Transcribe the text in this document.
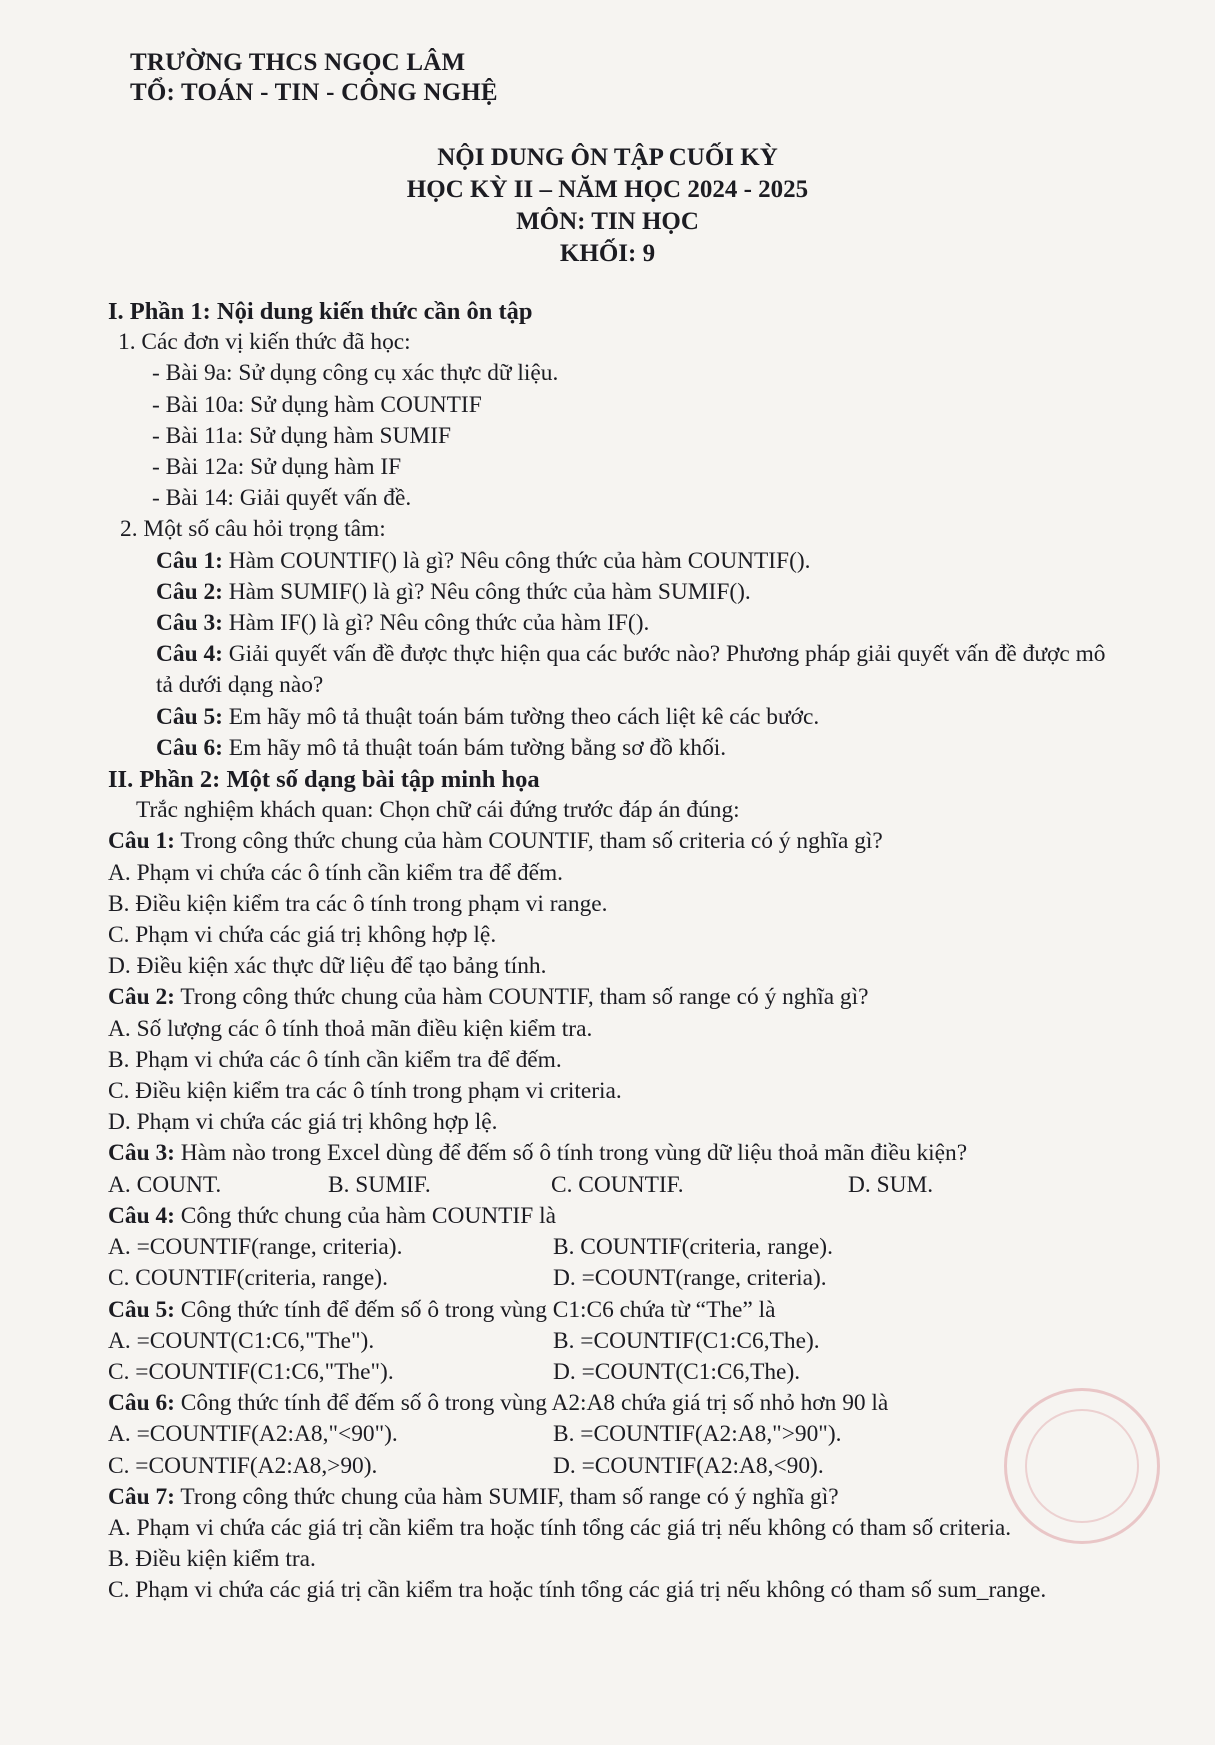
TRƯỜNG THCS NGỌC LÂM
TỔ: TOÁN - TIN - CÔNG NGHỆ
NỘI DUNG ÔN TẬP CUỐI KỲ
HỌC KỲ II – NĂM HỌC 2024 - 2025
MÔN: TIN HỌC
KHỐI: 9
I. Phần 1: Nội dung kiến thức cần ôn tập
1. Các đơn vị kiến thức đã học:
- Bài 9a: Sử dụng công cụ xác thực dữ liệu.
- Bài 10a: Sử dụng hàm COUNTIF
- Bài 11a: Sử dụng hàm SUMIF
- Bài 12a: Sử dụng hàm IF
- Bài 14: Giải quyết vấn đề.
2. Một số câu hỏi trọng tâm:
Câu 1: Hàm COUNTIF() là gì? Nêu công thức của hàm COUNTIF().
Câu 2: Hàm SUMIF() là gì? Nêu công thức của hàm SUMIF().
Câu 3: Hàm IF() là gì? Nêu công thức của hàm IF().
Câu 4: Giải quyết vấn đề được thực hiện qua các bước nào? Phương pháp giải quyết vấn đề được mô tả dưới dạng nào?
Câu 5: Em hãy mô tả thuật toán bám tường theo cách liệt kê các bước.
Câu 6: Em hãy mô tả thuật toán bám tường bằng sơ đồ khối.
II. Phần 2: Một số dạng bài tập minh họa
Trắc nghiệm khách quan: Chọn chữ cái đứng trước đáp án đúng:
Câu 1: Trong công thức chung của hàm COUNTIF, tham số criteria có ý nghĩa gì?
A. Phạm vi chứa các ô tính cần kiểm tra để đếm.
B. Điều kiện kiểm tra các ô tính trong phạm vi range.
C. Phạm vi chứa các giá trị không hợp lệ.
D. Điều kiện xác thực dữ liệu để tạo bảng tính.
Câu 2: Trong công thức chung của hàm COUNTIF, tham số range có ý nghĩa gì?
A. Số lượng các ô tính thoả mãn điều kiện kiểm tra.
B. Phạm vi chứa các ô tính cần kiểm tra để đếm.
C. Điều kiện kiểm tra các ô tính trong phạm vi criteria.
D. Phạm vi chứa các giá trị không hợp lệ.
Câu 3: Hàm nào trong Excel dùng để đếm số ô tính trong vùng dữ liệu thoả mãn điều kiện?
A. COUNT.	B. SUMIF.	C. COUNTIF.	D. SUM.
Câu 4: Công thức chung của hàm COUNTIF là
A. =COUNTIF(range, criteria).	B. COUNTIF(criteria, range).
C. COUNTIF(criteria, range).	D. =COUNT(range, criteria).
Câu 5: Công thức tính để đếm số ô trong vùng C1:C6 chứa từ “The” là
A. =COUNT(C1:C6,"The").	B. =COUNTIF(C1:C6,The).
C. =COUNTIF(C1:C6,"The").	D. =COUNT(C1:C6,The).
Câu 6: Công thức tính để đếm số ô trong vùng A2:A8 chứa giá trị số nhỏ hơn 90 là
A. =COUNTIF(A2:A8,"<90").	B. =COUNTIF(A2:A8,">90").
C. =COUNTIF(A2:A8,>90).	D. =COUNTIF(A2:A8,<90).
Câu 7: Trong công thức chung của hàm SUMIF, tham số range có ý nghĩa gì?
A. Phạm vi chứa các giá trị cần kiểm tra hoặc tính tổng các giá trị nếu không có tham số criteria.
B. Điều kiện kiểm tra.
C. Phạm vi chứa các giá trị cần kiểm tra hoặc tính tổng các giá trị nếu không có tham số sum_range.
